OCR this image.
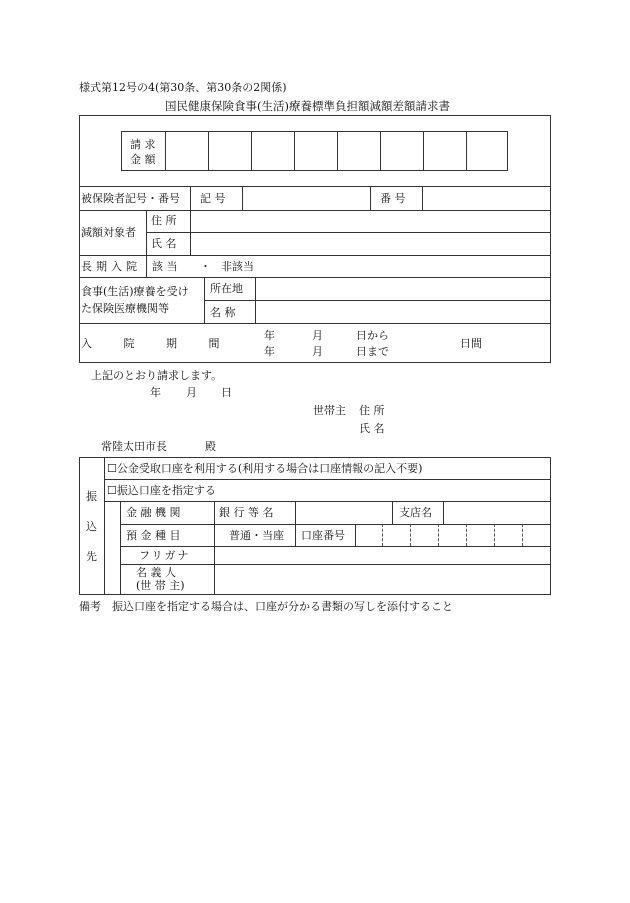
様式第12号の4(第30条、第30条の2関係)
国民健康保険食事(生活)療養標準負担額減額差額請求書
請 求
金 額
被保険者記号・番号 記 号	番 号
減額対象者
住 所
氏 名
長期入院 該 当 ・ 非該当
食事(生活)療養を受け
た保険医療機関等
所在地
名 称
入 院 期 間
年	月	日から
年	月	日まで
日間
上記のとおり請求します。
年 月 日
世帯主 住 所
氏 名
常陸太田市長	殿
振
込
先
☐公金受取口座を利用する(利用する場合は口座情報の記入不要)
☐振込口座を指定する
金 融 機 関	銀 行 等 名	支店名
預 金 種 目	普通・当座 口座番号
フリガナ
名 義 人
(世 帯 主)
備考　振込口座を指定する場合は、口座が分かる書類の写しを添付すること
